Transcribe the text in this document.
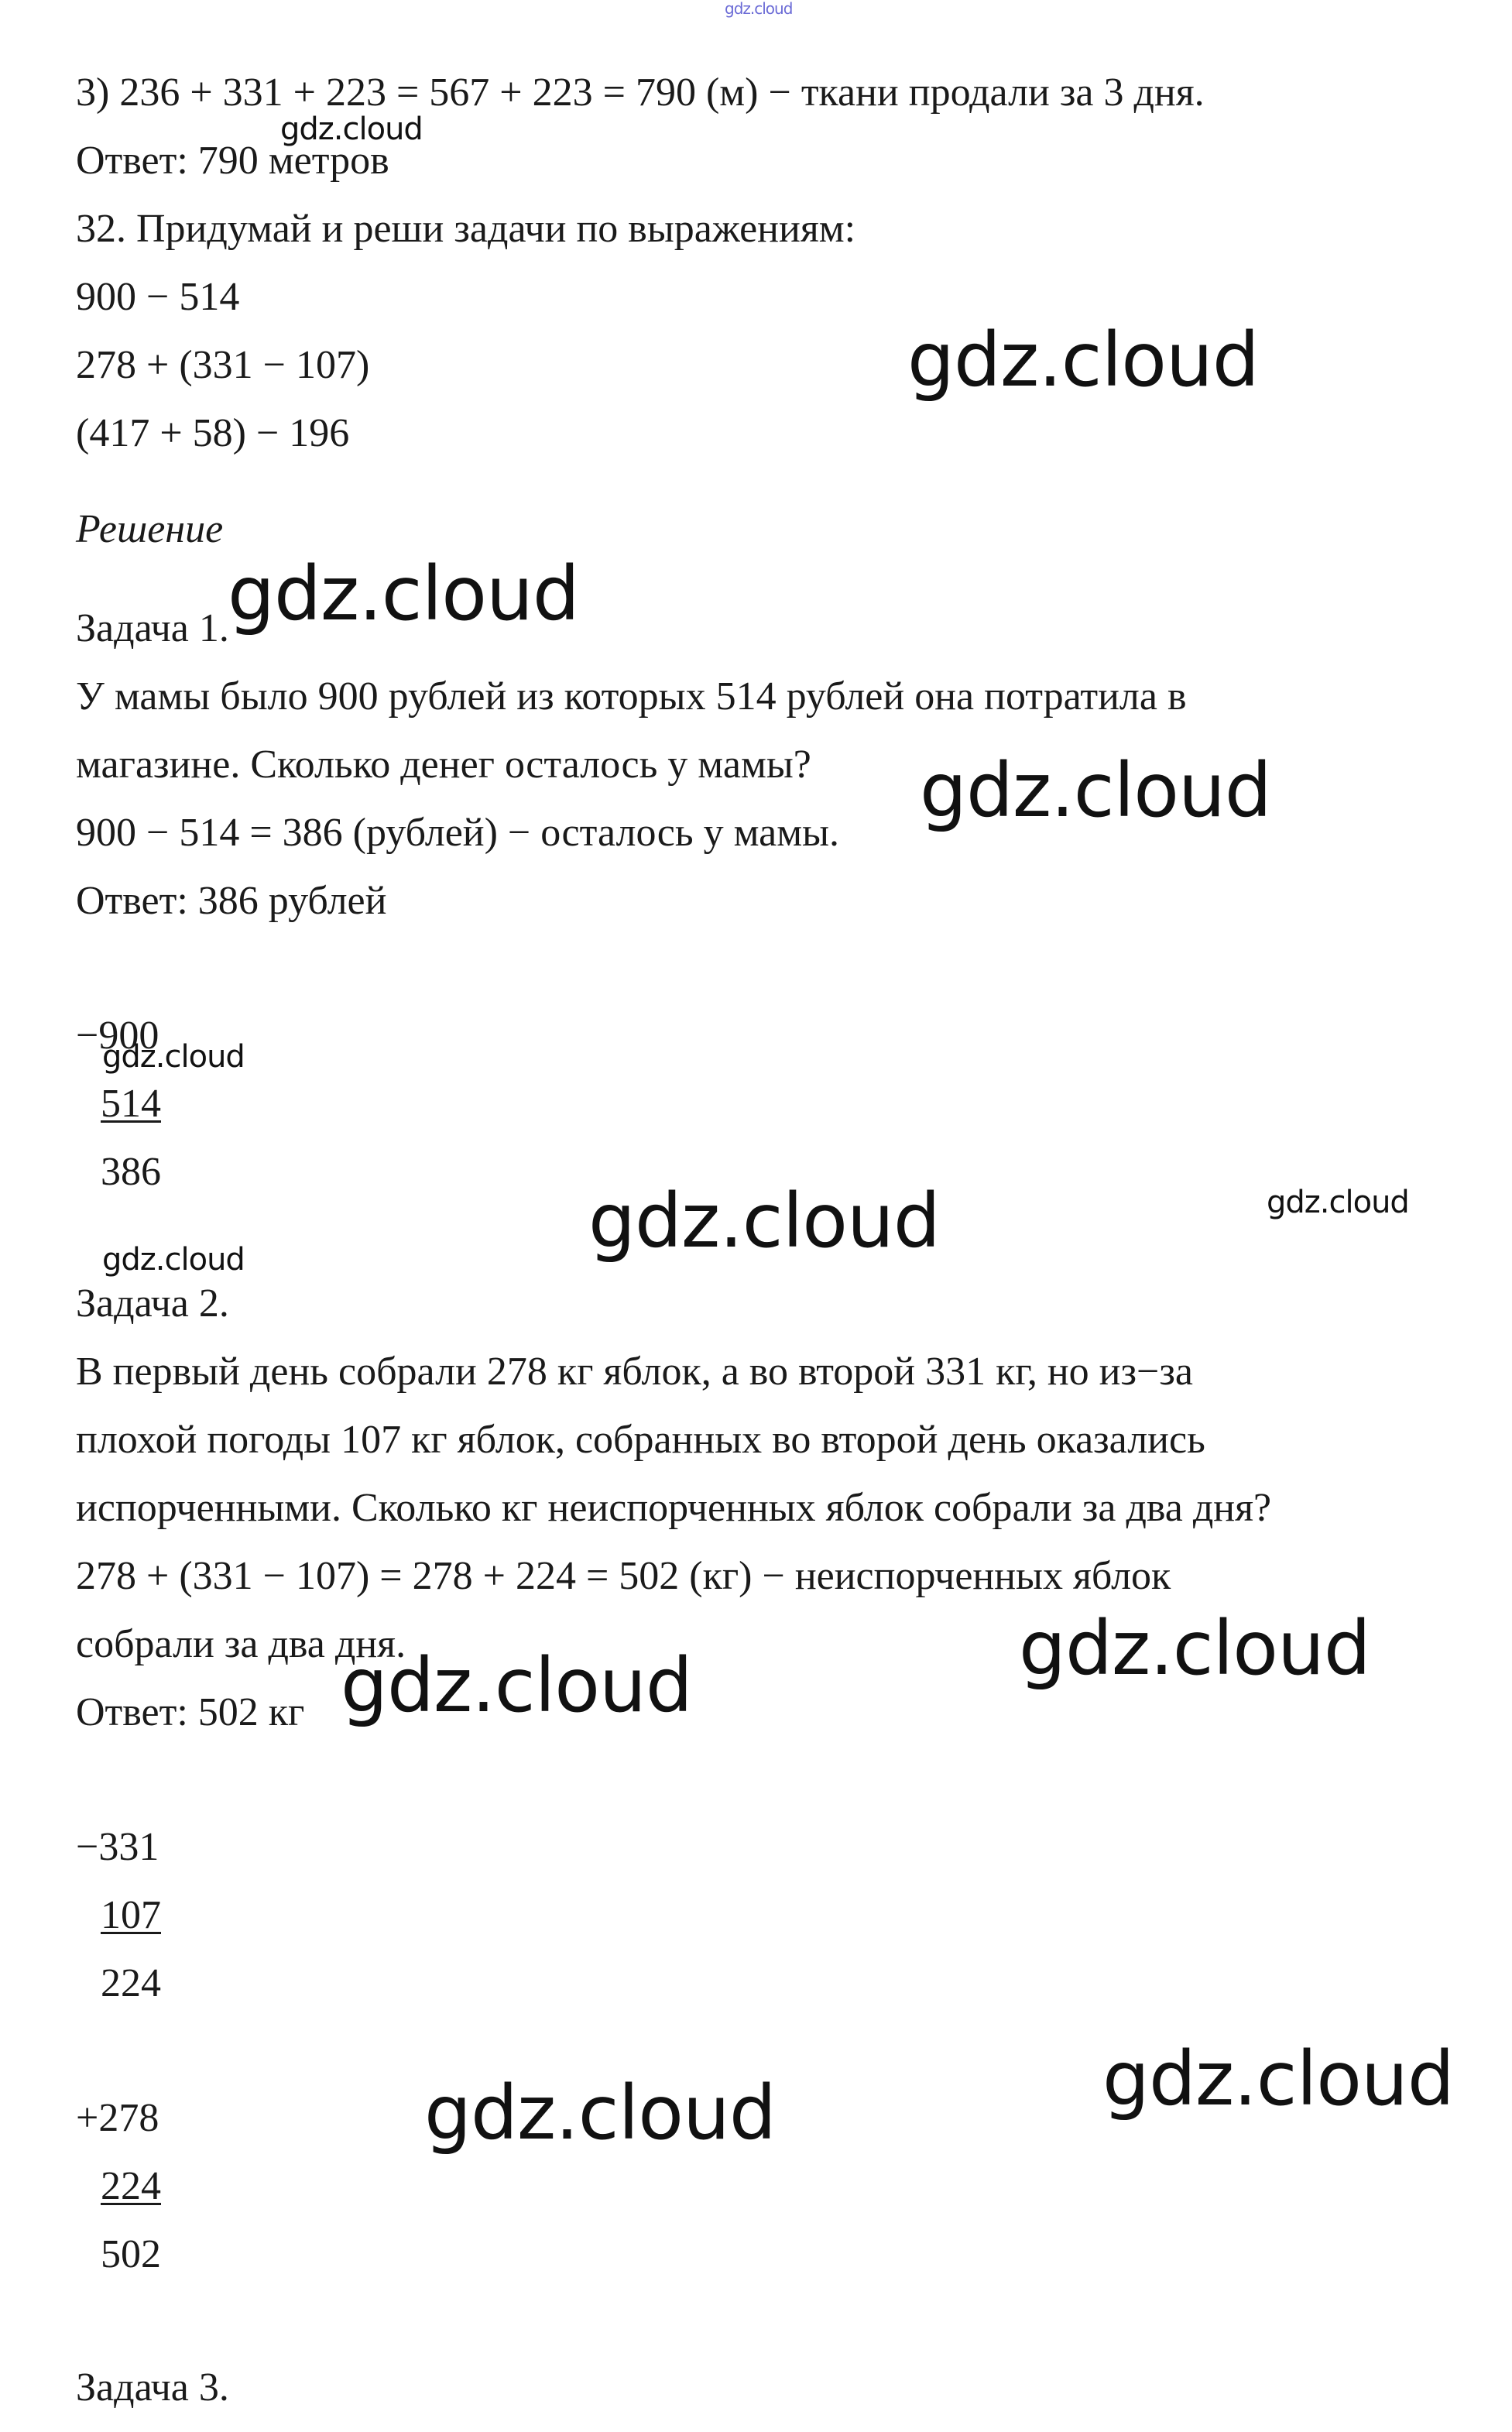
gdz.cloud

3) 236 + 331 + 223 = 567 + 223 = 790 (м) − ткани продали за 3 дня.

Ответ: 790 метров

32. Придумай и реши задачи по выражениям:

900 − 514

278 + (331 − 107)

(417 + 58) − 196

Решение

Задача 1.

У мамы было 900 рублей из которых 514 рублей она потратила в

магазине. Сколько денег осталось у мамы?

900 − 514 = 386 (рублей) − осталось у мамы.

Ответ: 386 рублей

−900

514

386

Задача 2.

В первый день собрали 278 кг яблок, а во второй 331 кг, но из−за

плохой погоды 107 кг яблок, собранных во второй день оказались

испорченными. Сколько кг неиспорченных яблок собрали за два дня?

278 + (331 − 107) = 278 + 224 = 502 (кг) − неиспорченных яблок

собрали за два дня.

Ответ: 502 кг

−331

107

224

+278

224

502

Задача 3.

gdz.cloud

gdz.cloud

gdz.cloud

gdz.cloud

gdz.cloud

gdz.cloud	gdz.cloud

gdz.cloud

gdz.cloud

gdz.cloud

gdz.cloud

gdz.cloud
